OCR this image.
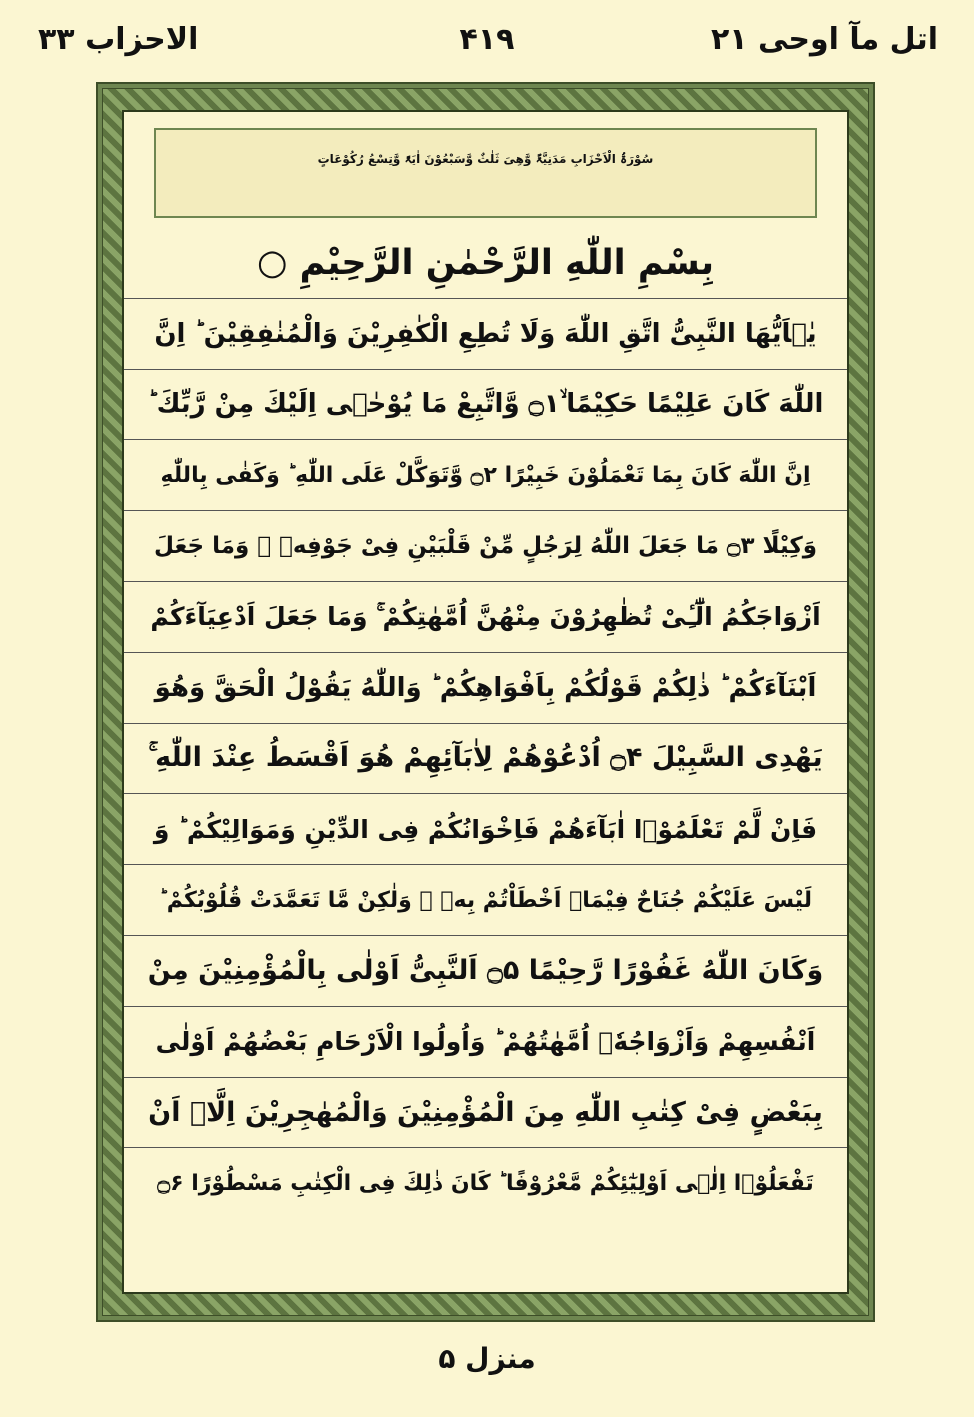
اتل مآ اوحی ۲۱
۴۱۹
الاحزاب ۳۳
سُوْرَۃُ الْاَحْزَابِ مَدَنِیَّۃٌ وَّهِیَ ثَلٰثٌ وَّسَبْعُوْنَ اٰیَۃً وَّتِسْعُ رُکُوْعَاتٍ
بِسْمِ اللّٰهِ الرَّحْمٰنِ الرَّحِیْمِ ○
یٰۤاَیُّهَا النَّبِیُّ اتَّقِ اللّٰهَ وَلَا تُطِعِ الْكٰفِرِیْنَ وَالْمُنٰفِقِیْنَ ؕ اِنَّ
اللّٰهَ كَانَ عَلِیْمًا حَكِیْمًا ۙ۝۱ وَّاتَّبِعْ مَا یُوْحٰۤی اِلَیْكَ مِنْ رَّبِّكَ ؕ
اِنَّ اللّٰهَ كَانَ بِمَا تَعْمَلُوْنَ خَبِیْرًا ۝۲ وَّتَوَكَّلْ عَلَى اللّٰهِ ؕ وَكَفٰى بِاللّٰهِ
وَكِیْلًا ۝۳ مَا جَعَلَ اللّٰهُ لِرَجُلٍ مِّنْ قَلْبَیْنِ فِیْ جَوْفِهٖ ۚ وَمَا جَعَلَ
اَزْوَاجَكُمُ الّٰٓـِٔیْ تُظٰهِرُوْنَ مِنْهُنَّ اُمَّهٰتِكُمْ ۚ وَمَا جَعَلَ اَدْعِیَآءَكُمْ
اَبْنَآءَكُمْ ؕ ذٰلِكُمْ قَوْلُكُمْ بِاَفْوَاهِكُمْ ؕ وَاللّٰهُ یَقُوْلُ الْحَقَّ وَهُوَ
یَهْدِی السَّبِیْلَ ۝۴ اُدْعُوْهُمْ لِاٰبَآئِهِمْ هُوَ اَقْسَطُ عِنْدَ اللّٰهِ ۚ
فَاِنْ لَّمْ تَعْلَمُوْۤا اٰبَآءَهُمْ فَاِخْوَانُكُمْ فِی الدِّیْنِ وَمَوَالِیْكُمْ ؕ وَ
لَیْسَ عَلَیْكُمْ جُنَاحٌ فِیْمَاۤ اَخْطَاْتُمْ بِهٖ ۙ وَلٰكِنْ مَّا تَعَمَّدَتْ قُلُوْبُكُمْ ؕ
وَكَانَ اللّٰهُ غَفُوْرًا رَّحِیْمًا ۝۵ اَلنَّبِیُّ اَوْلٰى بِالْمُؤْمِنِیْنَ مِنْ
اَنْفُسِهِمْ وَاَزْوَاجُهٗۤ اُمَّهٰتُهُمْ ؕ وَاُولُوا الْاَرْحَامِ بَعْضُهُمْ اَوْلٰى
بِبَعْضٍ فِیْ كِتٰبِ اللّٰهِ مِنَ الْمُؤْمِنِیْنَ وَالْمُهٰجِرِیْنَ اِلَّاۤ اَنْ
تَفْعَلُوْۤا اِلٰۤى اَوْلِیٰٓئِكُمْ مَّعْرُوْفًا ؕ كَانَ ذٰلِكَ فِی الْكِتٰبِ مَسْطُوْرًا ۝۶
منزل ۵
